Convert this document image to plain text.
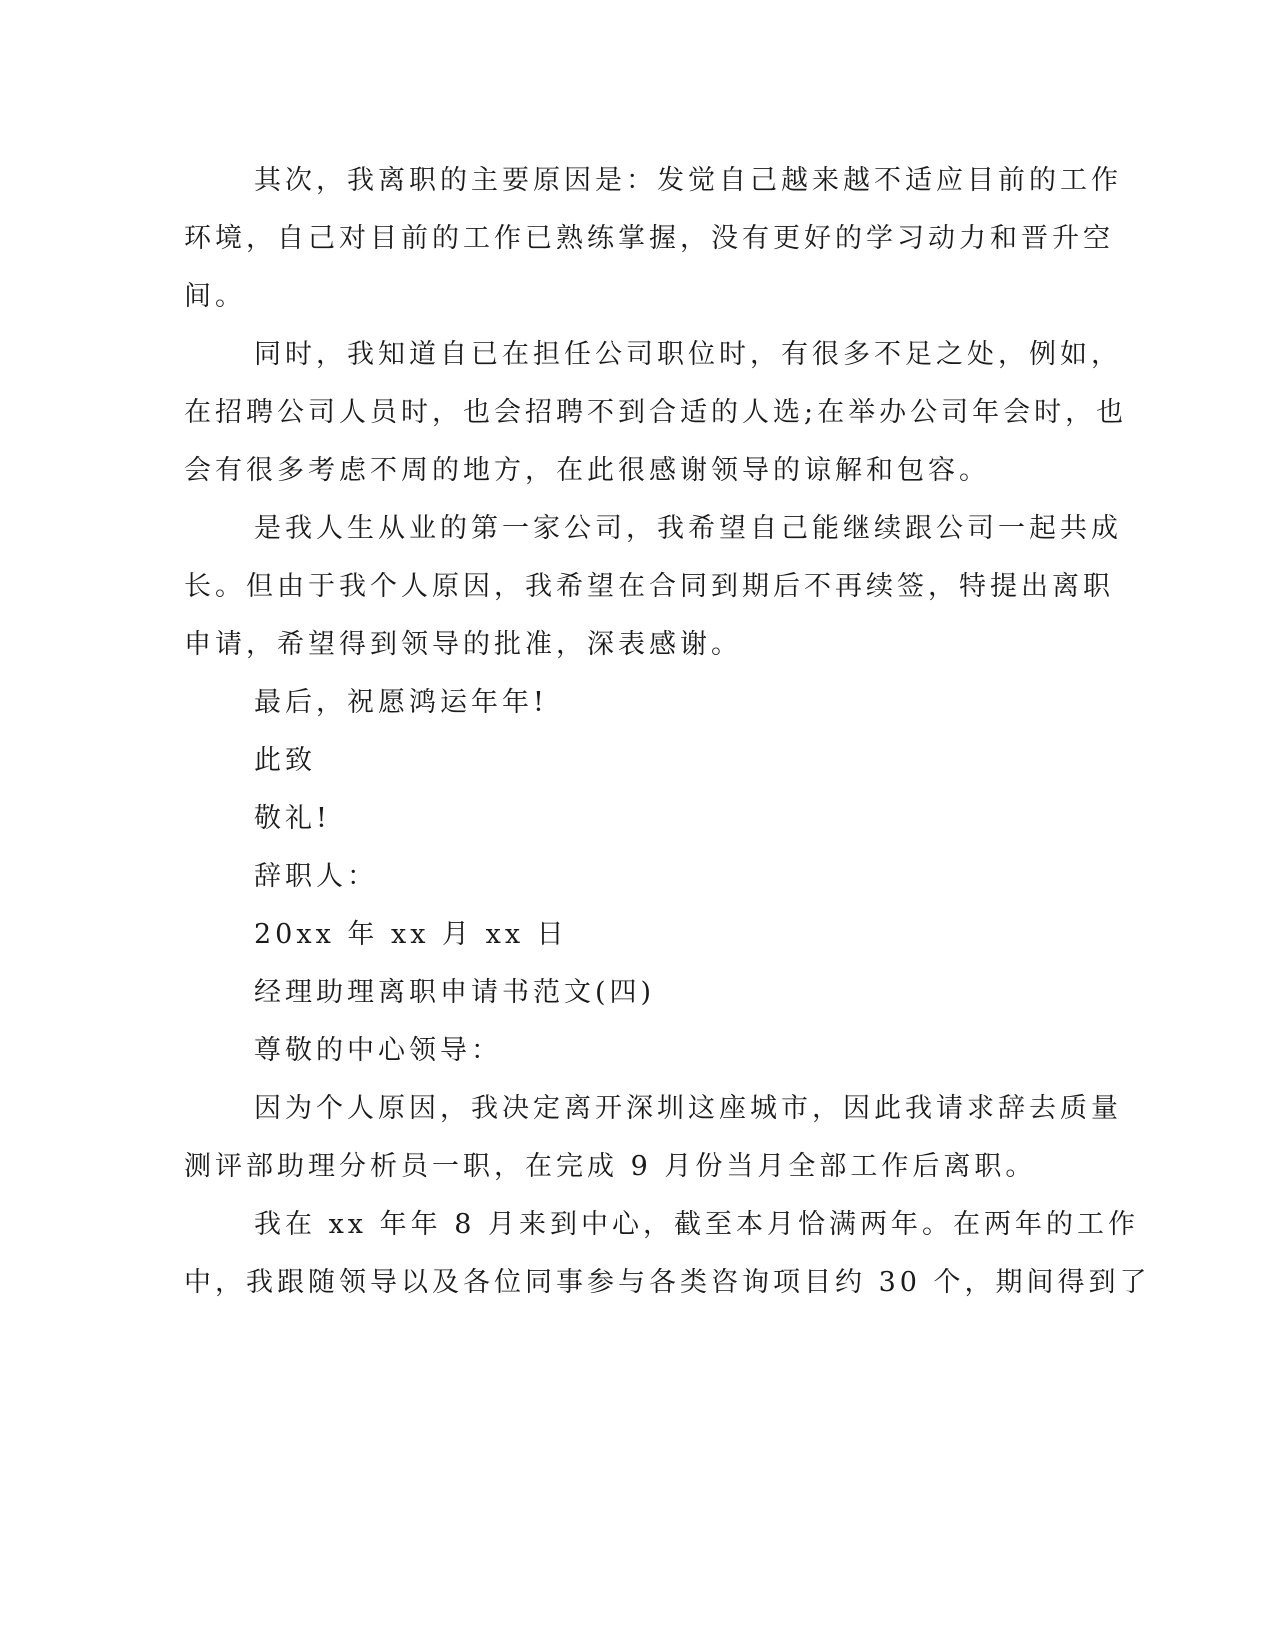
其次，我离职的主要原因是：发觉自己越来越不适应目前的工作
环境，自己对目前的工作已熟练掌握，没有更好的学习动力和晋升空
间。
同时，我知道自已在担任公司职位时，有很多不足之处，例如，
在招聘公司人员时，也会招聘不到合适的人选;在举办公司年会时，也
会有很多考虑不周的地方，在此很感谢领导的谅解和包容。
是我人生从业的第一家公司，我希望自己能继续跟公司一起共成
长。但由于我个人原因，我希望在合同到期后不再续签，特提出离职
申请，希望得到领导的批准，深表感谢。
最后，祝愿鸿运年年!
此致
敬礼!
辞职人：
20xx 年 xx 月 xx 日
经理助理离职申请书范文(四)
尊敬的中心领导：
因为个人原因，我决定离开深圳这座城市，因此我请求辞去质量
测评部助理分析员一职，在完成 9 月份当月全部工作后离职。
我在 xx 年年 8 月来到中心，截至本月恰满两年。在两年的工作
中，我跟随领导以及各位同事参与各类咨询项目约 30 个，期间得到了
